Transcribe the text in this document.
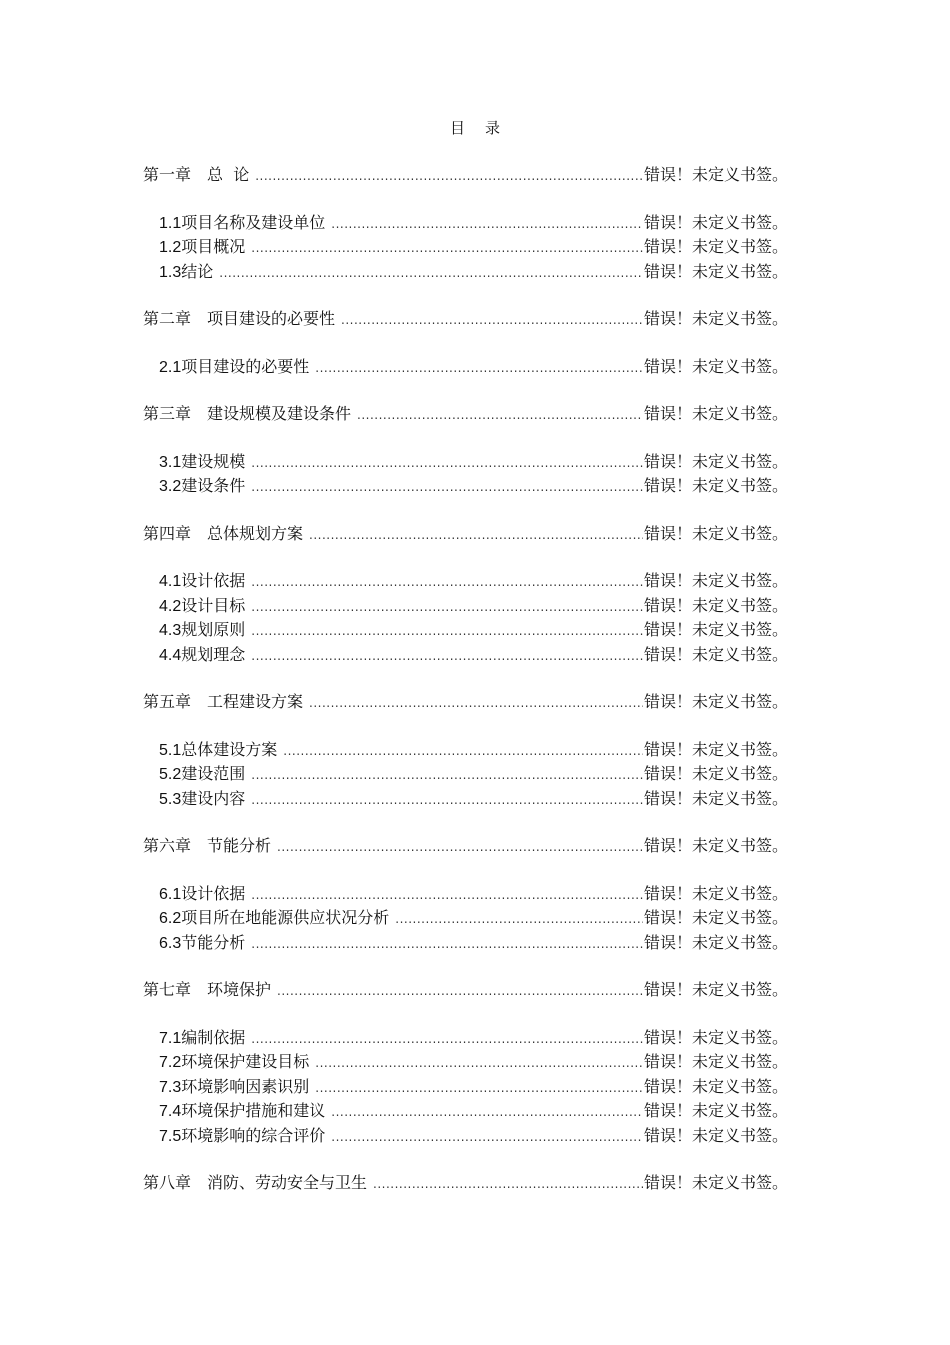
目 录
第一章 总  论 .....	错误！未定义书签。
1.1 项目名称及建设单位 .....	错误！未定义书签。
1.2 项目概况 .....	错误！未定义书签。
1.3 结论 .....	错误！未定义书签。
第二章 项目建设的必要性 .....	错误！未定义书签。
2.1 项目建设的必要性 .....	错误！未定义书签。
第三章 建设规模及建设条件 .....	错误！未定义书签。
3.1 建设规模 .....	错误！未定义书签。
3.2 建设条件 .....	错误！未定义书签。
第四章 总体规划方案 .....	错误！未定义书签。
4.1 设计依据 .....	错误！未定义书签。
4.2 设计目标 .....	错误！未定义书签。
4.3 规划原则 .....	错误！未定义书签。
4.4 规划理念 .....	错误！未定义书签。
第五章 工程建设方案 .....	错误！未定义书签。
5.1 总体建设方案 .....	错误！未定义书签。
5.2 建设范围 .....	错误！未定义书签。
5.3 建设内容 .....	错误！未定义书签。
第六章 节能分析 .....	错误！未定义书签。
6.1 设计依据 .....	错误！未定义书签。
6.2 项目所在地能源供应状况分析 .....	错误！未定义书签。
6.3 节能分析 .....	错误！未定义书签。
第七章 环境保护 .....	错误！未定义书签。
7.1 编制依据 .....	错误！未定义书签。
7.2 环境保护建设目标 .....	错误！未定义书签。
7.3 环境影响因素识别 .....	错误！未定义书签。
7.4 环境保护措施和建议 .....	错误！未定义书签。
7.5 环境影响的综合评价 .....	错误！未定义书签。
第八章 消防、劳动安全与卫生 .....	错误！未定义书签。
